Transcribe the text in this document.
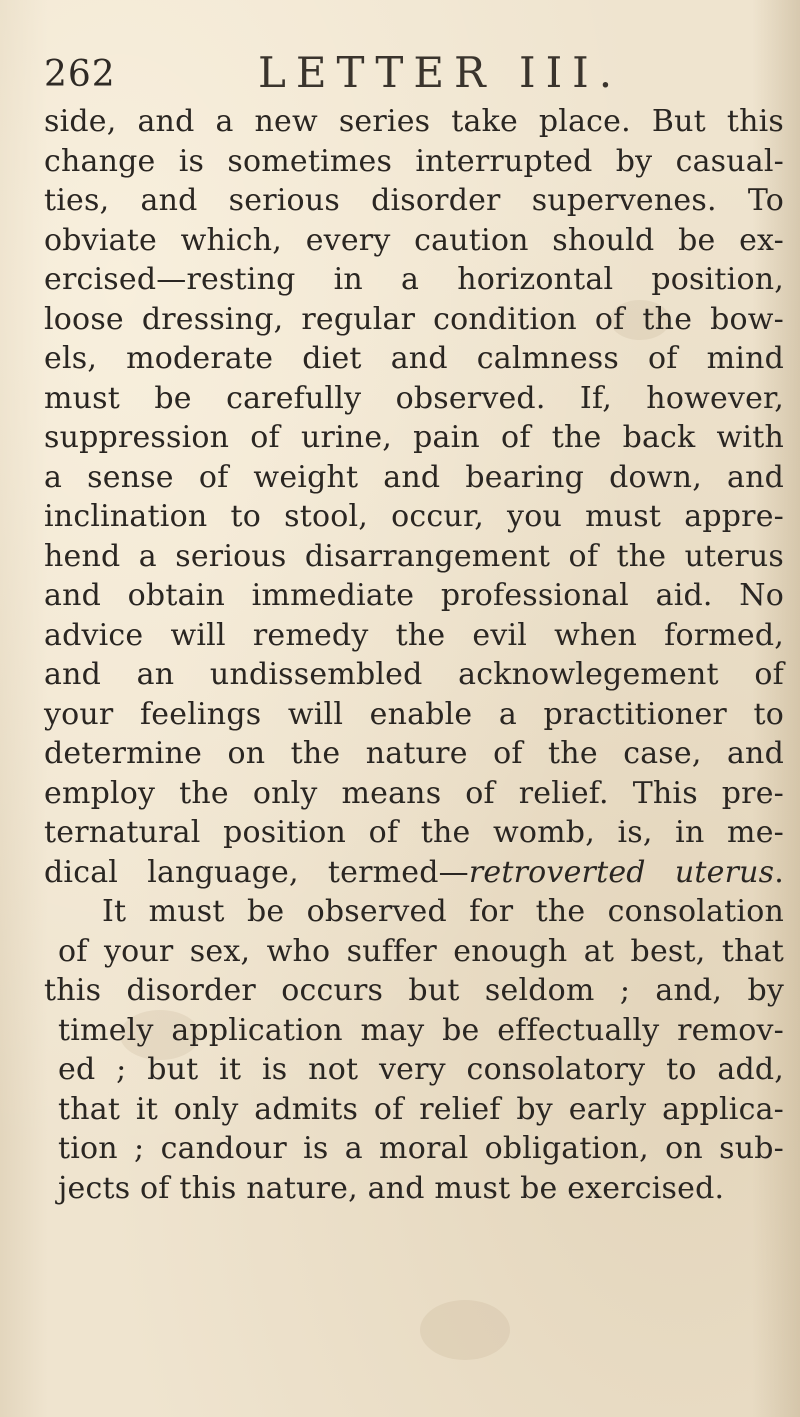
262	LETTER III.
side, and a new series take place. But this
change is sometimes interrupted by casual-
ties, and serious disorder supervenes. To
obviate which, every caution should be ex-
ercised—resting in a horizontal position,
loose dressing, regular condition of the bow-
els, moderate diet and calmness of mind
must be carefully observed. If, however,
suppression of urine, pain of the back with
a sense of weight and bearing down, and
inclination to stool, occur, you must appre-
hend a serious disarrangement of the uterus
and obtain immediate professional aid. No
advice will remedy the evil when formed,
and an undissembled acknowlegement of
your feelings will enable a practitioner to
determine on the nature of the case, and
employ the only means of relief. This pre-
ternatural position of the womb, is, in me-
dical language, termed—retroverted uterus.
It must be observed for the consolation
of your sex, who suffer enough at best, that
this disorder occurs but seldom ; and, by
timely application may be effectually remov-
ed ; but it is not very consolatory to add,
that it only admits of relief by early applica-
tion ; candour is a moral obligation, on sub-
jects of this nature, and must be exercised.
